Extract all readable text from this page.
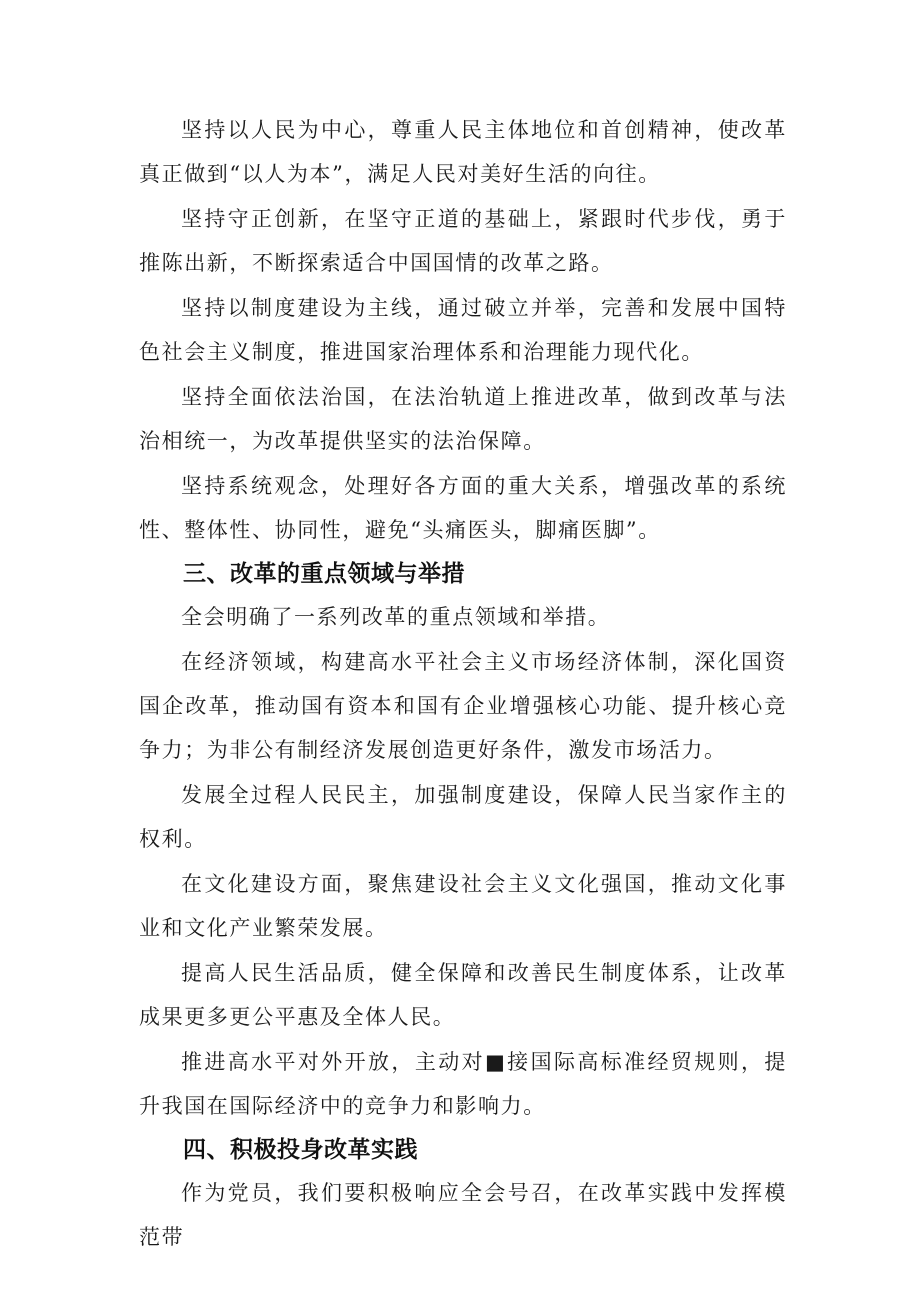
坚持以人民为中心，尊重人民主体地位和首创精神，使改革真正做到“以人为本”，满足人民对美好生活的向往。

坚持守正创新，在坚守正道的基础上，紧跟时代步伐，勇于推陈出新，不断探索适合中国国情的改革之路。

坚持以制度建设为主线，通过破立并举，完善和发展中国特色社会主义制度，推进国家治理体系和治理能力现代化。

坚持全面依法治国，在法治轨道上推进改革，做到改革与法治相统一，为改革提供坚实的法治保障。

坚持系统观念，处理好各方面的重大关系，增强改革的系统性、整体性、协同性，避免“头痛医头，脚痛医脚”。

三、改革的重点领域与举措

全会明确了一系列改革的重点领域和举措。

在经济领域，构建高水平社会主义市场经济体制，深化国资国企改革，推动国有资本和国有企业增强核心功能、提升核心竞争力；为非公有制经济发展创造更好条件，激发市场活力。

发展全过程人民民主，加强制度建设，保障人民当家作主的权利。

在文化建设方面，聚焦建设社会主义文化强国，推动文化事业和文化产业繁荣发展。

提高人民生活品质，健全保障和改善民生制度体系，让改革成果更多更公平惠及全体人民。

推进高水平对外开放，主动对■接国际高标准经贸规则，提升我国在国际经济中的竞争力和影响力。

四、积极投身改革实践

作为党员，我们要积极响应全会号召，在改革实践中发挥模范带
